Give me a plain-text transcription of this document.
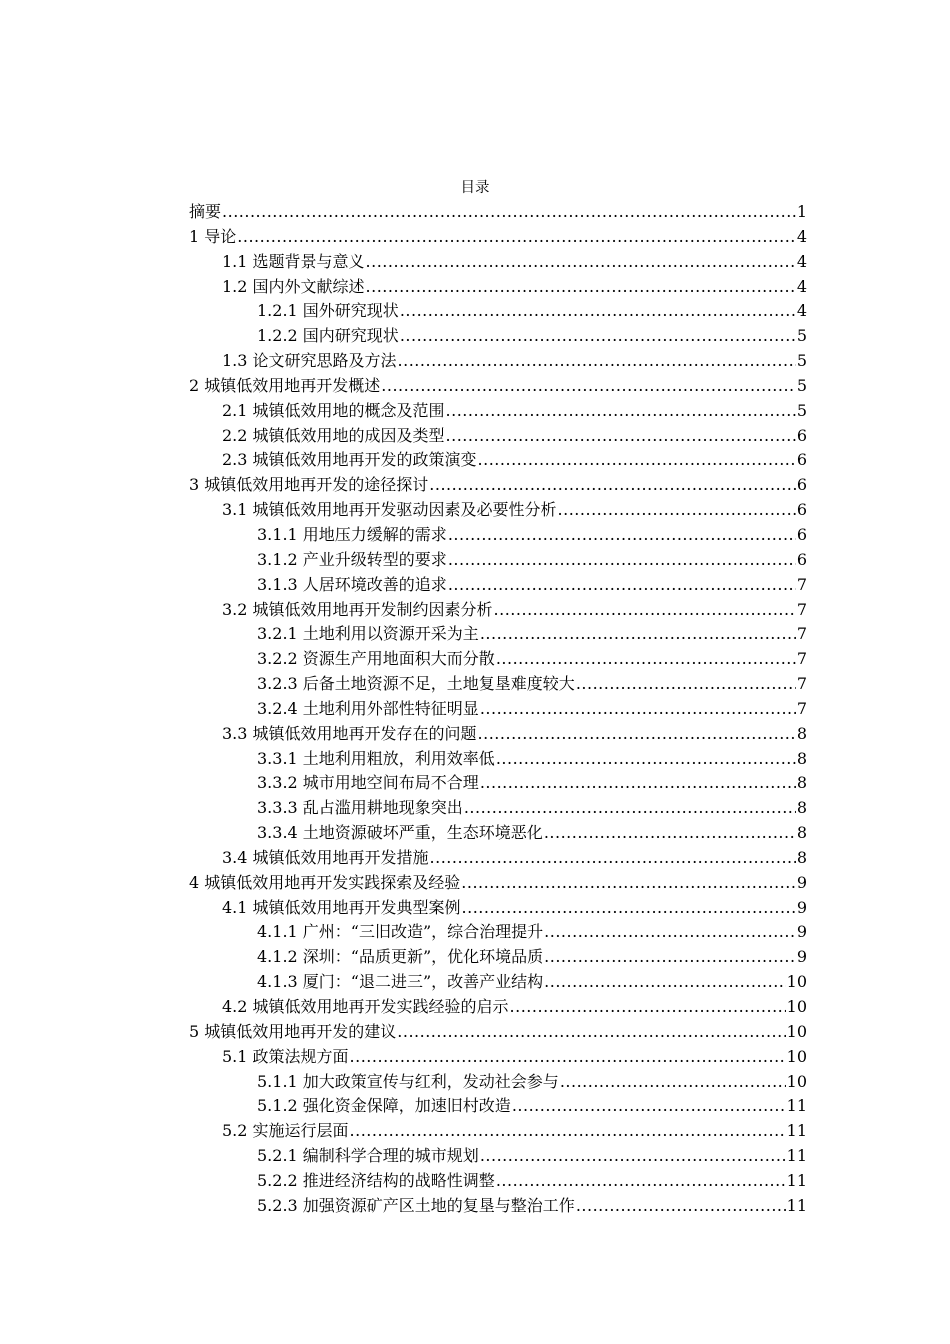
目录
摘要 .....	1
1 导论 .....	4
1.1 选题背景与意义 .....	4
1.2 国内外文献综述 .....	4
1.2.1 国外研究现状 .....	4
1.2.2 国内研究现状 .....	5
1.3 论文研究思路及方法 .....	5
2 城镇低效用地再开发概述 .....	5
2.1 城镇低效用地的概念及范围 .....	5
2.2 城镇低效用地的成因及类型 .....	6
2.3 城镇低效用地再开发的政策演变 .....	6
3 城镇低效用地再开发的途径探讨 .....	6
3.1 城镇低效用地再开发驱动因素及必要性分析 .....	6
3.1.1 用地压力缓解的需求 .....	6
3.1.2 产业升级转型的要求 .....	6
3.1.3 人居环境改善的追求 .....	7
3.2 城镇低效用地再开发制约因素分析 .....	7
3.2.1 土地利用以资源开采为主 .....	7
3.2.2 资源生产用地面积大而分散 .....	7
3.2.3 后备土地资源不足，土地复垦难度较大 .....	7
3.2.4 土地利用外部性特征明显 .....	7
3.3 城镇低效用地再开发存在的问题 .....	8
3.3.1 土地利用粗放，利用效率低 .....	8
3.3.2 城市用地空间布局不合理 .....	8
3.3.3 乱占滥用耕地现象突出 .....	8
3.3.4 土地资源破坏严重，生态环境恶化 .....	8
3.4 城镇低效用地再开发措施 .....	8
4 城镇低效用地再开发实践探索及经验 .....	9
4.1 城镇低效用地再开发典型案例 .....	9
4.1.1 广州：“三旧改造”，综合治理提升 .....	9
4.1.2 深圳：“品质更新”，优化环境品质 .....	9
4.1.3 厦门：“退二进三”，改善产业结构 .....	10
4.2 城镇低效用地再开发实践经验的启示 .....	10
5 城镇低效用地再开发的建议 .....	10
5.1 政策法规方面 .....	10
5.1.1 加大政策宣传与红利，发动社会参与 .....	10
5.1.2 强化资金保障，加速旧村改造 .....	11
5.2 实施运行层面 .....	11
5.2.1 编制科学合理的城市规划 .....	11
5.2.2 推进经济结构的战略性调整 .....	11
5.2.3 加强资源矿产区土地的复垦与整治工作 .....	11
